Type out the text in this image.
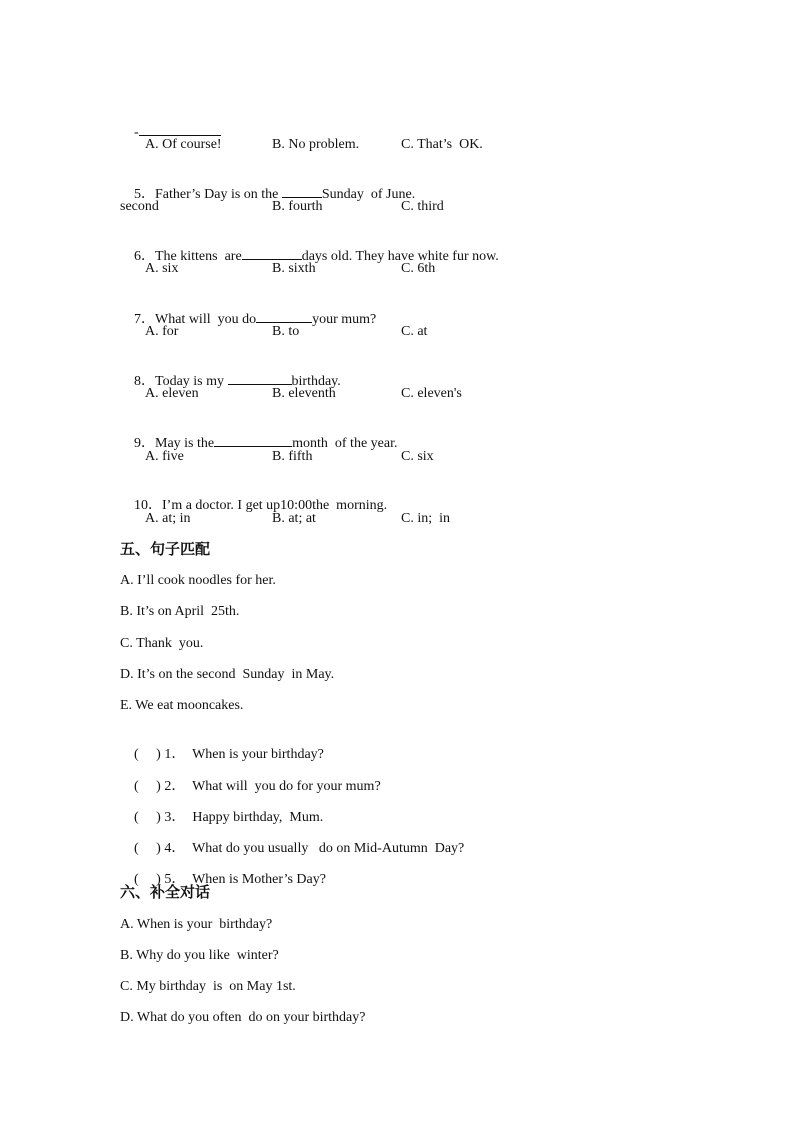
-

A. Of course!	B. No problem.	C. That’s  OK.

5．Father’s Day is on the	Sunday  of June.

second	B. fourth	C. third

6．The kittens  are	days old. They have white fur now.

A. six	B. sixth	C. 6th

7．What will  you do	your mum?

A. for	B. to	C. at

8．Today is my	birthday.

A. eleven	B. eleventh	C. eleven's

9．May is the	month  of the year.

A. five	B. fifth	C. six

10．I’m a doctor. I get up10:00the  morning.

A. at; in	B. at; at	C. in;  in
五、句子匹配
A. I’ll cook noodles for her.
B. It’s on April  25th.
C. Thank  you.
D. It’s on the second  Sunday  in May.
E. We eat mooncakes.

(     ) 1． When is your birthday?

(     ) 2． What will  you do for your mum?

(     ) 3． Happy birthday,  Mum.

(     ) 4． What do you usually   do on Mid-Autumn  Day?

(     ) 5． When is Mother’s Day?

六、补全对话
A. When is your  birthday?
B. Why do you like  winter?
C. My birthday  is  on May 1st.
D. What do you often  do on your birthday?
